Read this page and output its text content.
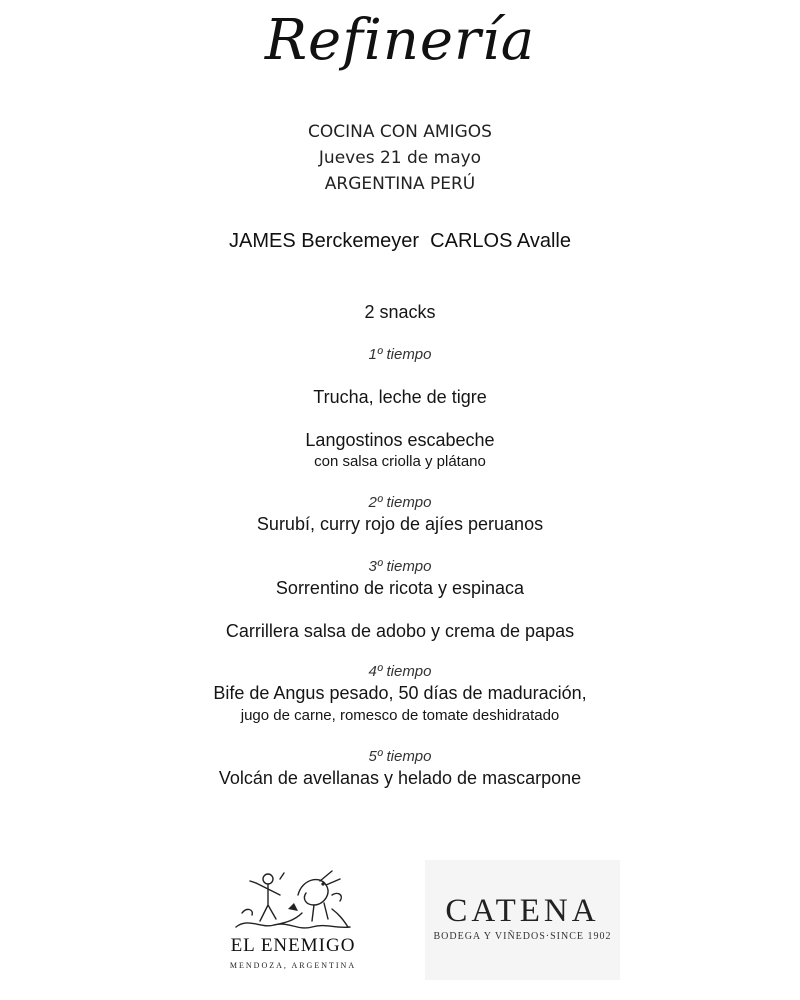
Refinería
COCINA CON AMIGOS
Jueves 21 de mayo
ARGENTINA PERÚ
JAMES Berckemeyer  CARLOS Avalle
2 snacks
1º tiempo
Trucha, leche de tigre
Langostinos escabeche
con salsa criolla y plátano
2º tiempo
Surubí, curry rojo de ajíes peruanos
3º tiempo
Sorrentino de ricota y espinaca
Carrillera salsa de adobo y crema de papas
4º tiempo
Bife de Angus pesado, 50 días de maduración,
jugo de carne, romesco de tomate deshidratado
5º tiempo
Volcán de avellanas y helado de mascarpone
EL ENEMIGO
MENDOZA, ARGENTINA
CATENA
BODEGA Y VIÑEDOS·SINCE 1902
